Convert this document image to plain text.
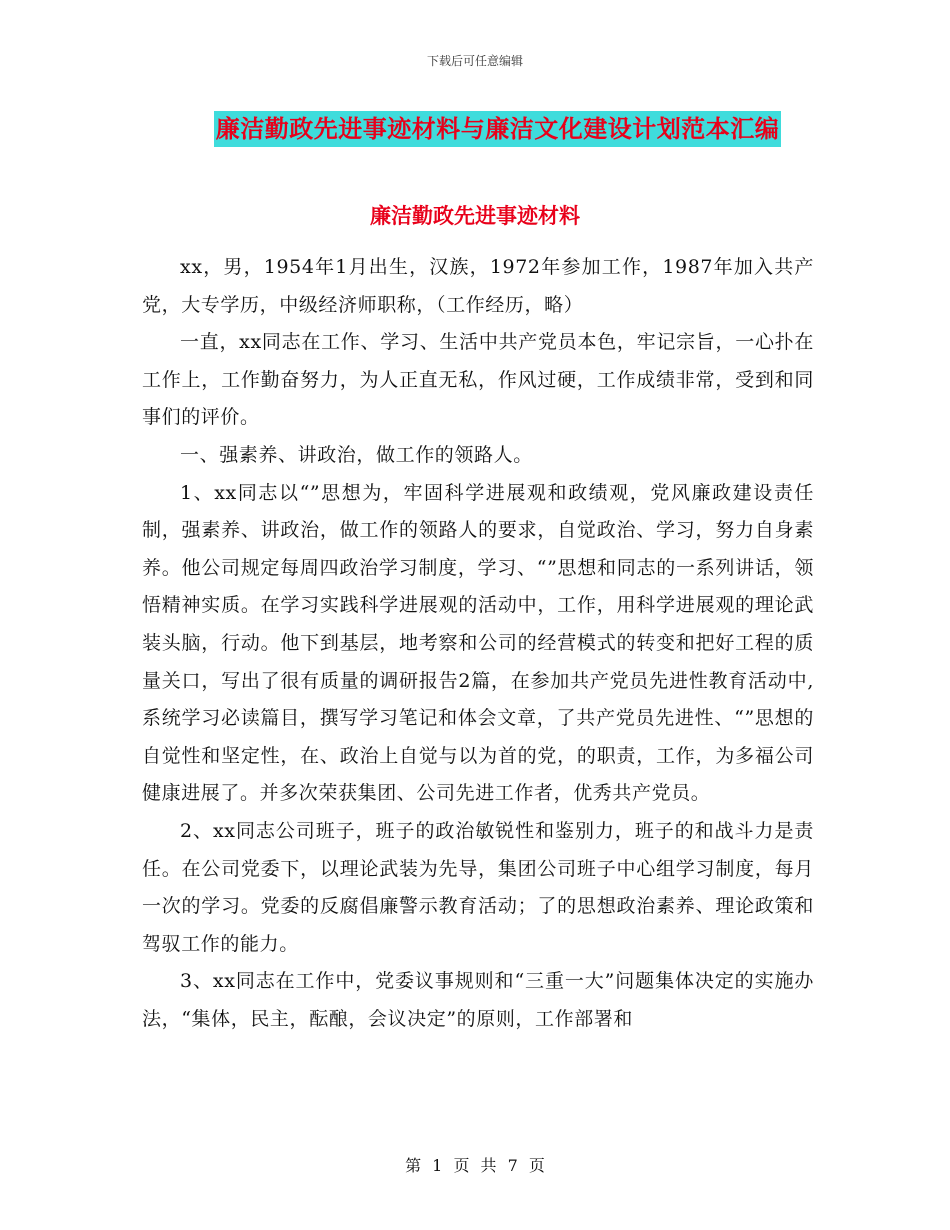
下载后可任意编辑
廉洁勤政先进事迹材料与廉洁文化建设计划范本汇编
廉洁勤政先进事迹材料

xx，男，1954年1月出生，汉族，1972年参加工作，1987年加入共产党，大专学历，中级经济师职称，（工作经历，略）

一直，xx同志在工作、学习、生活中共产党员本色，牢记宗旨，一心扑在工作上，工作勤奋努力，为人正直无私，作风过硬，工作成绩非常，受到和同事们的评价。

一、强素养、讲政治，做工作的领路人。

1、xx同志以“”思想为，牢固科学进展观和政绩观，党风廉政建设责任制，强素养、讲政治，做工作的领路人的要求，自觉政治、学习，努力自身素养。他公司规定每周四政治学习制度，学习、“”思想和同志的一系列讲话，领悟精神实质。在学习实践科学进展观的活动中，工作，用科学进展观的理论武装头脑，行动。他下到基层，地考察和公司的经营模式的转变和把好工程的质量关口，写出了很有质量的调研报告2篇，在参加共产党员先进性教育活动中,系统学习必读篇目，撰写学习笔记和体会文章，了共产党员先进性、“”思想的自觉性和坚定性，在、政治上自觉与以为首的党，的职责，工作，为多福公司健康进展了。并多次荣获集团、公司先进工作者，优秀共产党员。

2、xx同志公司班子，班子的政治敏锐性和鉴别力，班子的和战斗力是责任。在公司党委下，以理论武装为先导，集团公司班子中心组学习制度，每月一次的学习。党委的反腐倡廉警示教育活动；了的思想政治素养、理论政策和驾驭工作的能力。

3、xx同志在工作中，党委议事规则和“三重一大”问题集体决定的实施办法，“集体，民主，酝酿，会议决定”的原则，工作部署和

第 1 页 共 7 页
